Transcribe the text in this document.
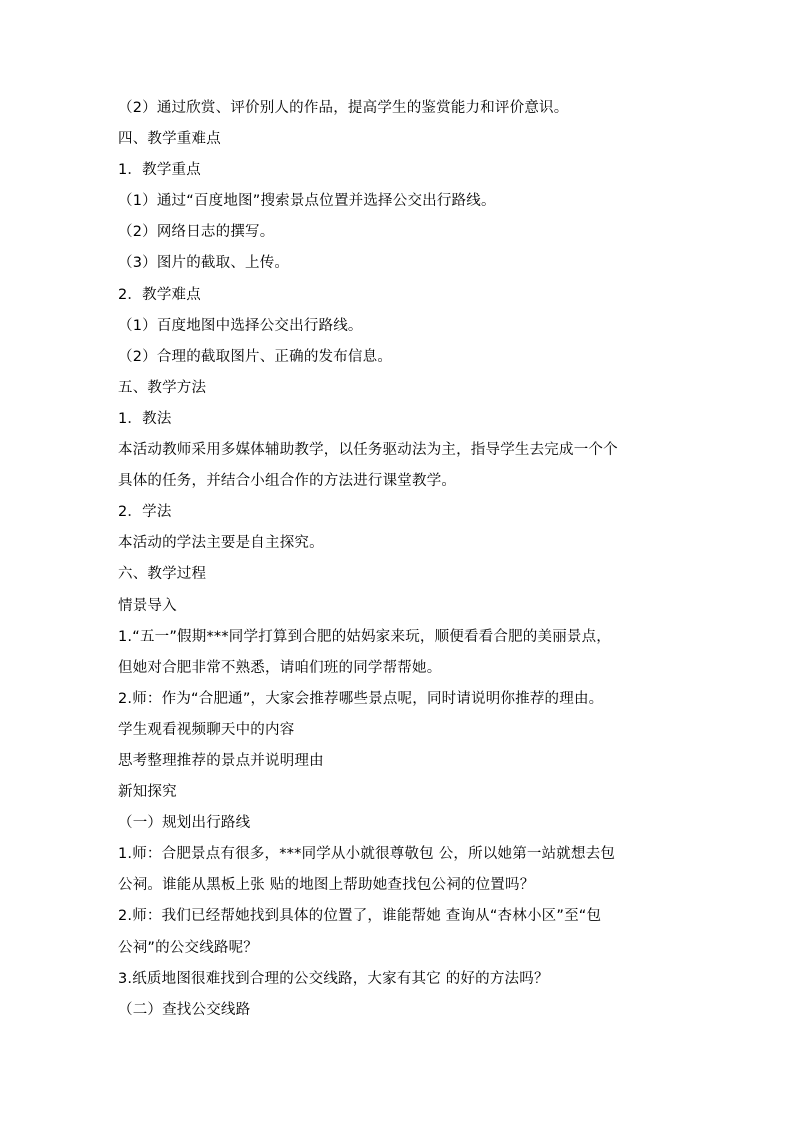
（2）通过欣赏、评价别人的作品，提高学生的鉴赏能力和评价意识。
四、教学重难点
1．教学重点
（1）通过“百度地图”搜索景点位置并选择公交出行路线。
（2）网络日志的撰写。
（3）图片的截取、上传。
2．教学难点
（1）百度地图中选择公交出行路线。
（2）合理的截取图片、正确的发布信息。
五、教学方法
1．教法
本活动教师采用多媒体辅助教学，以任务驱动法为主，指导学生去完成一个个
具体的任务，并结合小组合作的方法进行课堂教学。
2．学法
本活动的学法主要是自主探究。
六、教学过程
情景导入
1.“五一”假期***同学打算到合肥的姑妈家来玩，顺便看看合肥的美丽景点，
但她对合肥非常不熟悉，请咱们班的同学帮帮她。
2.师：作为“合肥通”，大家会推荐哪些景点呢，同时请说明你推荐的理由。
学生观看视频聊天中的内容
思考整理推荐的景点并说明理由
新知探究
（一）规划出行路线
1.师：合肥景点有很多，***同学从小就很尊敬包 公，所以她第一站就想去包
公祠。谁能从黑板上张 贴的地图上帮助她查找包公祠的位置吗？
2.师：我们已经帮她找到具体的位置了，谁能帮她 查询从“杏林小区”至“包
公祠”的公交线路呢？
3.纸质地图很难找到合理的公交线路，大家有其它 的好的方法吗？
（二）查找公交线路
